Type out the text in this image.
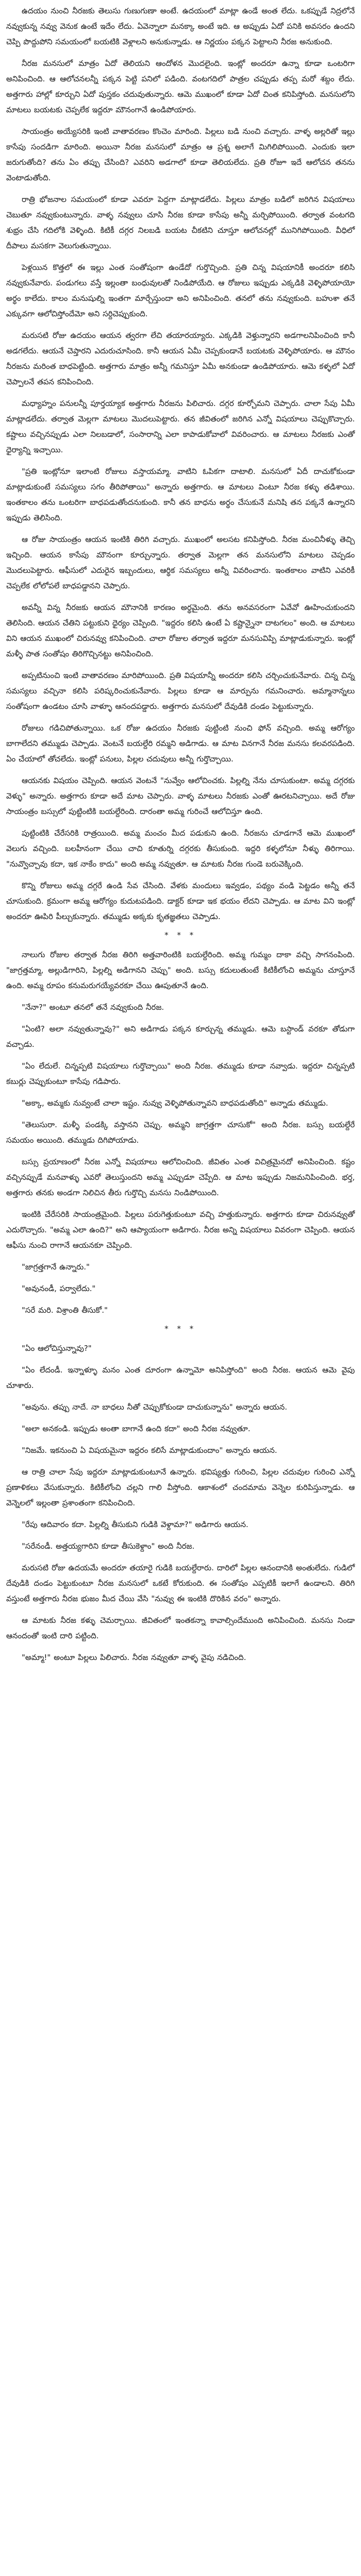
ఉదయం నుంచి నీరజకు తెలుసు గుణుగుణా అంటే. ఉదయంలో మాట్లా ఉండే అంత లేదు. ఒకప్పుడే నిద్రలోనే నవ్వుకున్న నవ్వు వెనుక ఉంటే ఇదేం లేదు. ఏవెన్నాలా మనక్కా అంటే ఇది. ఆ అప్పుడు ఏదో పనికి అవసరం ఉందని చెప్పి పొద్దుపోని సమయంలో బయటికి వెళ్లాలని అనుకున్నాడు. ఆ నిర్ణయం పక్కన పెట్టాలని నీరజ అనుకుంది.

నీరజ మనసులో మాత్రం ఏదో తెలియని ఆందోళన మొదలైంది. ఇంట్లో అందరూ ఉన్నా కూడా ఒంటరిగా అనిపించింది. ఆ ఆలోచనలన్నీ పక్కన పెట్టి పనిలో పడింది. వంటగదిలో పాత్రల చప్పుడు తప్ప మరో శబ్దం లేదు. అత్తగారు హాల్లో కూర్చుని ఏదో పుస్తకం చదువుతున్నారు. ఆమె ముఖంలో కూడా ఏదో చింత కనిపిస్తోంది. మనసులోని మాటలు బయటకు చెప్పలేక ఇద్దరూ మౌనంగానే ఉండిపోయారు.

సాయంత్రం అయ్యేసరికి ఇంటి వాతావరణం కొంచెం మారింది. పిల్లలు బడి నుంచి వచ్చారు. వాళ్ళ అల్లరితో ఇల్లు కాసేపు సందడిగా మారింది. అయినా నీరజ మనసులో మాత్రం ఆ ప్రశ్న అలాగే మిగిలిపోయింది. ఎందుకు ఇలా జరుగుతోంది? తను ఏం తప్పు చేసింది? ఎవరిని అడగాలో కూడా తెలియలేదు. ప్రతి రోజూ ఇదే ఆలోచన తనను వెంటాడుతోంది.

రాత్రి భోజనాల సమయంలో కూడా ఎవరూ పెద్దగా మాట్లాడలేదు. పిల్లలు మాత్రం బడిలో జరిగిన విషయాలు చెబుతూ నవ్వుకుంటున్నారు. వాళ్ళ నవ్వులు చూసి నీరజ కూడా కాసేపు అన్నీ మర్చిపోయింది. తర్వాత వంటగది శుభ్రం చేసి గదిలోకి వెళ్ళింది. కిటికీ దగ్గర నిలబడి బయట చీకటిని చూస్తూ ఆలోచనల్లో మునిగిపోయింది. వీధిలో దీపాలు మసకగా వెలుగుతున్నాయి.

పెళ్లయిన కొత్తలో ఈ ఇల్లు ఎంత సంతోషంగా ఉండేదో గుర్తొచ్చింది. ప్రతి చిన్న విషయానికీ అందరూ కలిసి నవ్వుకునేవారు. పండుగలు వస్తే ఇల్లంతా బంధువులతో నిండిపోయేది. ఆ రోజులు ఇప్పుడు ఎక్కడికి వెళ్ళిపోయాయో అర్థం కాలేదు. కాలం మనుషుల్ని ఇంతగా మార్చేస్తుందా అని అనిపించింది. తనలో తను నవ్వుకుంది. బహుశా తనే ఎక్కువగా ఆలోచిస్తోందేమో అని సర్దిచెప్పుకుంది.

మరుసటి రోజు ఉదయం ఆయన త్వరగా లేచి తయారయ్యారు. ఎక్కడికి వెళ్తున్నారని అడగాలనిపించింది కానీ అడగలేదు. ఆయనే చెప్తారని ఎదురుచూసింది. కానీ ఆయన ఏమీ చెప్పకుండానే బయటకు వెళ్ళిపోయారు. ఆ మౌనం నీరజను మరింత బాధపెట్టింది. అత్తగారు మాత్రం అన్నీ గమనిస్తూ ఏమీ అనకుండా ఉండిపోయారు. ఆమె కళ్ళలో ఏదో చెప్పాలనే తపన కనిపించింది.

మధ్యాహ్నం పనులన్నీ పూర్తయ్యాక అత్తగారు నీరజను పిలిచారు. దగ్గర కూర్చోమని చెప్పారు. చాలా సేపు ఏమీ మాట్లాడలేదు. తర్వాత మెల్లగా మాటలు మొదలుపెట్టారు. తన జీవితంలో జరిగిన ఎన్నో విషయాలు చెప్పుకొచ్చారు. కష్టాలు వచ్చినప్పుడు ఎలా నిలబడాలో, సంసారాన్ని ఎలా కాపాడుకోవాలో వివరించారు. ఆ మాటలు నీరజకు ఎంతో ధైర్యాన్ని ఇచ్చాయి.

"ప్రతి ఇంట్లోనూ ఇలాంటి రోజులు వస్తాయమ్మా. వాటిని ఓపికగా దాటాలి. మనసులో ఏదీ దాచుకోకుండా మాట్లాడుకుంటే సమస్యలు సగం తీరిపోతాయి" అన్నారు అత్తగారు. ఆ మాటలు వింటూ నీరజ కళ్ళు తడిశాయి. ఇంతకాలం తను ఒంటరిగా బాధపడుతోందనుకుంది. కానీ తన బాధను అర్థం చేసుకునే మనిషి తన పక్కనే ఉన్నారని ఇప్పుడు తెలిసింది.

ఆ రోజు సాయంత్రం ఆయన ఇంటికి తిరిగి వచ్చారు. ముఖంలో అలసట కనిపిస్తోంది. నీరజ మంచినీళ్ళు తెచ్చి ఇచ్చింది. ఆయన కాసేపు మౌనంగా కూర్చున్నారు. తర్వాత మెల్లగా తన మనసులోని మాటలు చెప్పడం మొదలుపెట్టారు. ఆఫీసులో ఎదురైన ఇబ్బందులు, ఆర్థిక సమస్యలు అన్నీ వివరించారు. ఇంతకాలం వాటిని ఎవరికీ చెప్పలేక లోలోపలే బాధపడ్డానని చెప్పారు.

అవన్నీ విన్న నీరజకు ఆయన మౌనానికి కారణం అర్థమైంది. తను అనవసరంగా ఏవేవో ఊహించుకుందని తెలిసింది. ఆయన చేతిని పట్టుకుని ధైర్యం చెప్పింది. "ఇద్దరం కలిసి ఉంటే ఏ కష్టాన్నైనా దాటగలం" అంది. ఆ మాటలు విని ఆయన ముఖంలో చిరునవ్వు కనిపించింది. చాలా రోజుల తర్వాత ఇద్దరూ మనసువిప్పి మాట్లాడుకున్నారు. ఇంట్లో మళ్ళీ పాత సంతోషం తిరిగొచ్చినట్టు అనిపించింది.

అప్పటినుంచి ఇంటి వాతావరణం మారిపోయింది. ప్రతి విషయాన్నీ అందరూ కలిసి చర్చించుకునేవారు. చిన్న చిన్న సమస్యలు వచ్చినా కలిసి పరిష్కరించుకునేవారు. పిల్లలు కూడా ఆ మార్పును గమనించారు. అమ్మానాన్నలు సంతోషంగా ఉండటం చూసి వాళ్ళూ ఆనందపడ్డారు. అత్తగారు మనసులో దేవుడికి దండం పెట్టుకున్నారు.

రోజులు గడిచిపోతున్నాయి. ఒక రోజు ఉదయం నీరజకు పుట్టింటి నుంచి ఫోన్ వచ్చింది. అమ్మ ఆరోగ్యం బాగాలేదని తమ్ముడు చెప్పాడు. వెంటనే బయల్దేరి రమ్మని అడిగాడు. ఆ మాట వినగానే నీరజ మనసు కలవరపడింది. ఏం చేయాలో తోచలేదు. ఇంట్లో పనులు, పిల్లల చదువులు అన్నీ గుర్తొచ్చాయి.

ఆయనకు విషయం చెప్పింది. ఆయన వెంటనే "నువ్వేం ఆలోచించకు. పిల్లల్ని నేను చూసుకుంటా. అమ్మ దగ్గరకు వెళ్ళు" అన్నారు. అత్తగారు కూడా అదే మాట చెప్పారు. వాళ్ళ మాటలు నీరజకు ఎంతో ఊరటనిచ్చాయి. అదే రోజు సాయంత్రం బస్సులో పుట్టింటికి బయల్దేరింది. దారంతా అమ్మ గురించే ఆలోచిస్తూ ఉంది.

పుట్టింటికి చేరేసరికి రాత్రయింది. అమ్మ మంచం మీద పడుకుని ఉంది. నీరజను చూడగానే ఆమె ముఖంలో వెలుగు వచ్చింది. బలహీనంగా చేయి చాచి కూతుర్ని దగ్గరకు తీసుకుంది. ఇద్దరి కళ్ళలోనూ నీళ్ళు తిరిగాయి. "నువ్వొచ్చావు కదా, ఇక నాకేం కాదు" అంది అమ్మ నవ్వుతూ. ఆ మాటకు నీరజ గుండె బరువెక్కింది.

కొన్ని రోజులు అమ్మ దగ్గరే ఉండి సేవ చేసింది. వేళకు మందులు ఇవ్వడం, పథ్యం వండి పెట్టడం అన్నీ తనే చూసుకుంది. క్రమంగా అమ్మ ఆరోగ్యం కుదుటపడింది. డాక్టర్ కూడా ఇక భయం లేదని చెప్పాడు. ఆ మాట విని ఇంట్లో అందరూ ఊపిరి పీల్చుకున్నారు. తమ్ముడు అక్కకు కృతజ్ఞతలు చెప్పాడు.

* * *

నాలుగు రోజుల తర్వాత నీరజ తిరిగి అత్తవారింటికి బయల్దేరింది. అమ్మ గుమ్మం దాకా వచ్చి సాగనంపింది. "జాగ్రత్తమ్మా, అల్లుడిగారిని, పిల్లల్ని అడిగానని చెప్పు" అంది. బస్సు కదులుతుంటే కిటికీలోంచి అమ్మను చూస్తూనే ఉంది. అమ్మ రూపం కనుమరుగయ్యేవరకూ చేయి ఊపుతూనే ఉంది.

"నేనా?" అంటూ తనలో తనే నవ్వుకుంది నీరజ.

"ఏంటి? అలా నవ్వుతున్నావు?" అని అడిగాడు పక్కన కూర్చున్న తమ్ముడు. ఆమె బస్టాండ్ వరకూ తోడుగా వచ్చాడు.

"ఏం లేదులే. చిన్నప్పటి విషయాలు గుర్తొచ్చాయి" అంది నీరజ. తమ్ముడు కూడా నవ్వాడు. ఇద్దరూ చిన్నప్పటి కబుర్లు చెప్పుకుంటూ కాసేపు గడిపారు.

"అక్కా, అమ్మకు నువ్వంటే చాలా ఇష్టం. నువ్వు వెళ్ళిపోతున్నావని బాధపడుతోంది" అన్నాడు తమ్ముడు.

"తెలుసురా. మళ్ళీ పండక్కి వస్తానని చెప్పు. అమ్మని జాగ్రత్తగా చూసుకో" అంది నీరజ. బస్సు బయల్దేరే సమయం అయింది. తమ్ముడు దిగిపోయాడు.

బస్సు ప్రయాణంలో నీరజ ఎన్నో విషయాలు ఆలోచించింది. జీవితం ఎంత విచిత్రమైనదో అనిపించింది. కష్టం వచ్చినప్పుడే మనవాళ్ళు ఎవరో తెలుస్తుందని అమ్మ ఎప్పుడూ చెప్పేది. ఆ మాట ఇప్పుడు నిజమనిపించింది. భర్త, అత్తగారు తనకు అండగా నిలిచిన తీరు గుర్తొచ్చి మనసు నిండిపోయింది.

ఇంటికి చేరేసరికి సాయంత్రమైంది. పిల్లలు పరుగెత్తుకుంటూ వచ్చి హత్తుకున్నారు. అత్తగారు కూడా చిరునవ్వుతో ఎదురొచ్చారు. "అమ్మ ఎలా ఉంది?" అని ఆప్యాయంగా అడిగారు. నీరజ అన్ని విషయాలు వివరంగా చెప్పింది. ఆయన ఆఫీసు నుంచి రాగానే ఆయనకూ చెప్పింది.

"జాగ్రత్తగానే ఉన్నారు."

"అవునండీ, పర్వాలేదు."

"సరే మరి. విశ్రాంతి తీసుకో."

* * *

"ఏం ఆలోచిస్తున్నావు?"

"ఏం లేదండీ. ఇన్నాళ్ళూ మనం ఎంత దూరంగా ఉన్నామో అనిపిస్తోంది" అంది నీరజ. ఆయన ఆమె వైపు చూశారు.

"అవును. తప్పు నాదే. నా బాధలు నీతో చెప్పుకోకుండా దాచుకున్నాను" అన్నారు ఆయన.

"అలా అనకండి. ఇప్పుడు అంతా బాగానే ఉంది కదా" అంది నీరజ నవ్వుతూ.

"నిజమే. ఇకనుంచి ఏ విషయమైనా ఇద్దరం కలిసే మాట్లాడుకుందాం" అన్నారు ఆయన.

ఆ రాత్రి చాలా సేపు ఇద్దరూ మాట్లాడుకుంటూనే ఉన్నారు. భవిష్యత్తు గురించి, పిల్లల చదువుల గురించి ఎన్నో ప్రణాళికలు వేసుకున్నారు. కిటికీలోంచి చల్లని గాలి వీస్తోంది. ఆకాశంలో చందమామ వెన్నెల కురిపిస్తున్నాడు. ఆ వెన్నెలలో ఇల్లంతా ప్రశాంతంగా కనిపించింది.

"రేపు ఆదివారం కదా. పిల్లల్ని తీసుకుని గుడికి వెళ్దామా?" అడిగారు ఆయన.

"సరేనండీ. అత్తయ్యగారిని కూడా తీసుకెళ్దాం" అంది నీరజ.

మరుసటి రోజు ఉదయమే అందరూ తయారై గుడికి బయల్దేరారు. దారిలో పిల్లల ఆనందానికి అంతులేదు. గుడిలో దేవుడికి దండం పెట్టుకుంటూ నీరజ మనసులో ఒకటే కోరుకుంది. ఈ సంతోషం ఎప్పటికీ ఇలాగే ఉండాలని. తిరిగి వస్తుంటే అత్తగారు నీరజ భుజం మీద చేయి వేసి "నువ్వు ఈ ఇంటికి దొరికిన వరం" అన్నారు.

ఆ మాటకు నీరజ కళ్ళు చెమర్చాయి. జీవితంలో ఇంతకన్నా కావాల్సిందేముంది అనిపించింది. మనసు నిండా ఆనందంతో ఇంటి దారి పట్టింది.

"అమ్మా!" అంటూ పిల్లలు పిలిచారు. నీరజ నవ్వుతూ వాళ్ళ వైపు నడిచింది.
